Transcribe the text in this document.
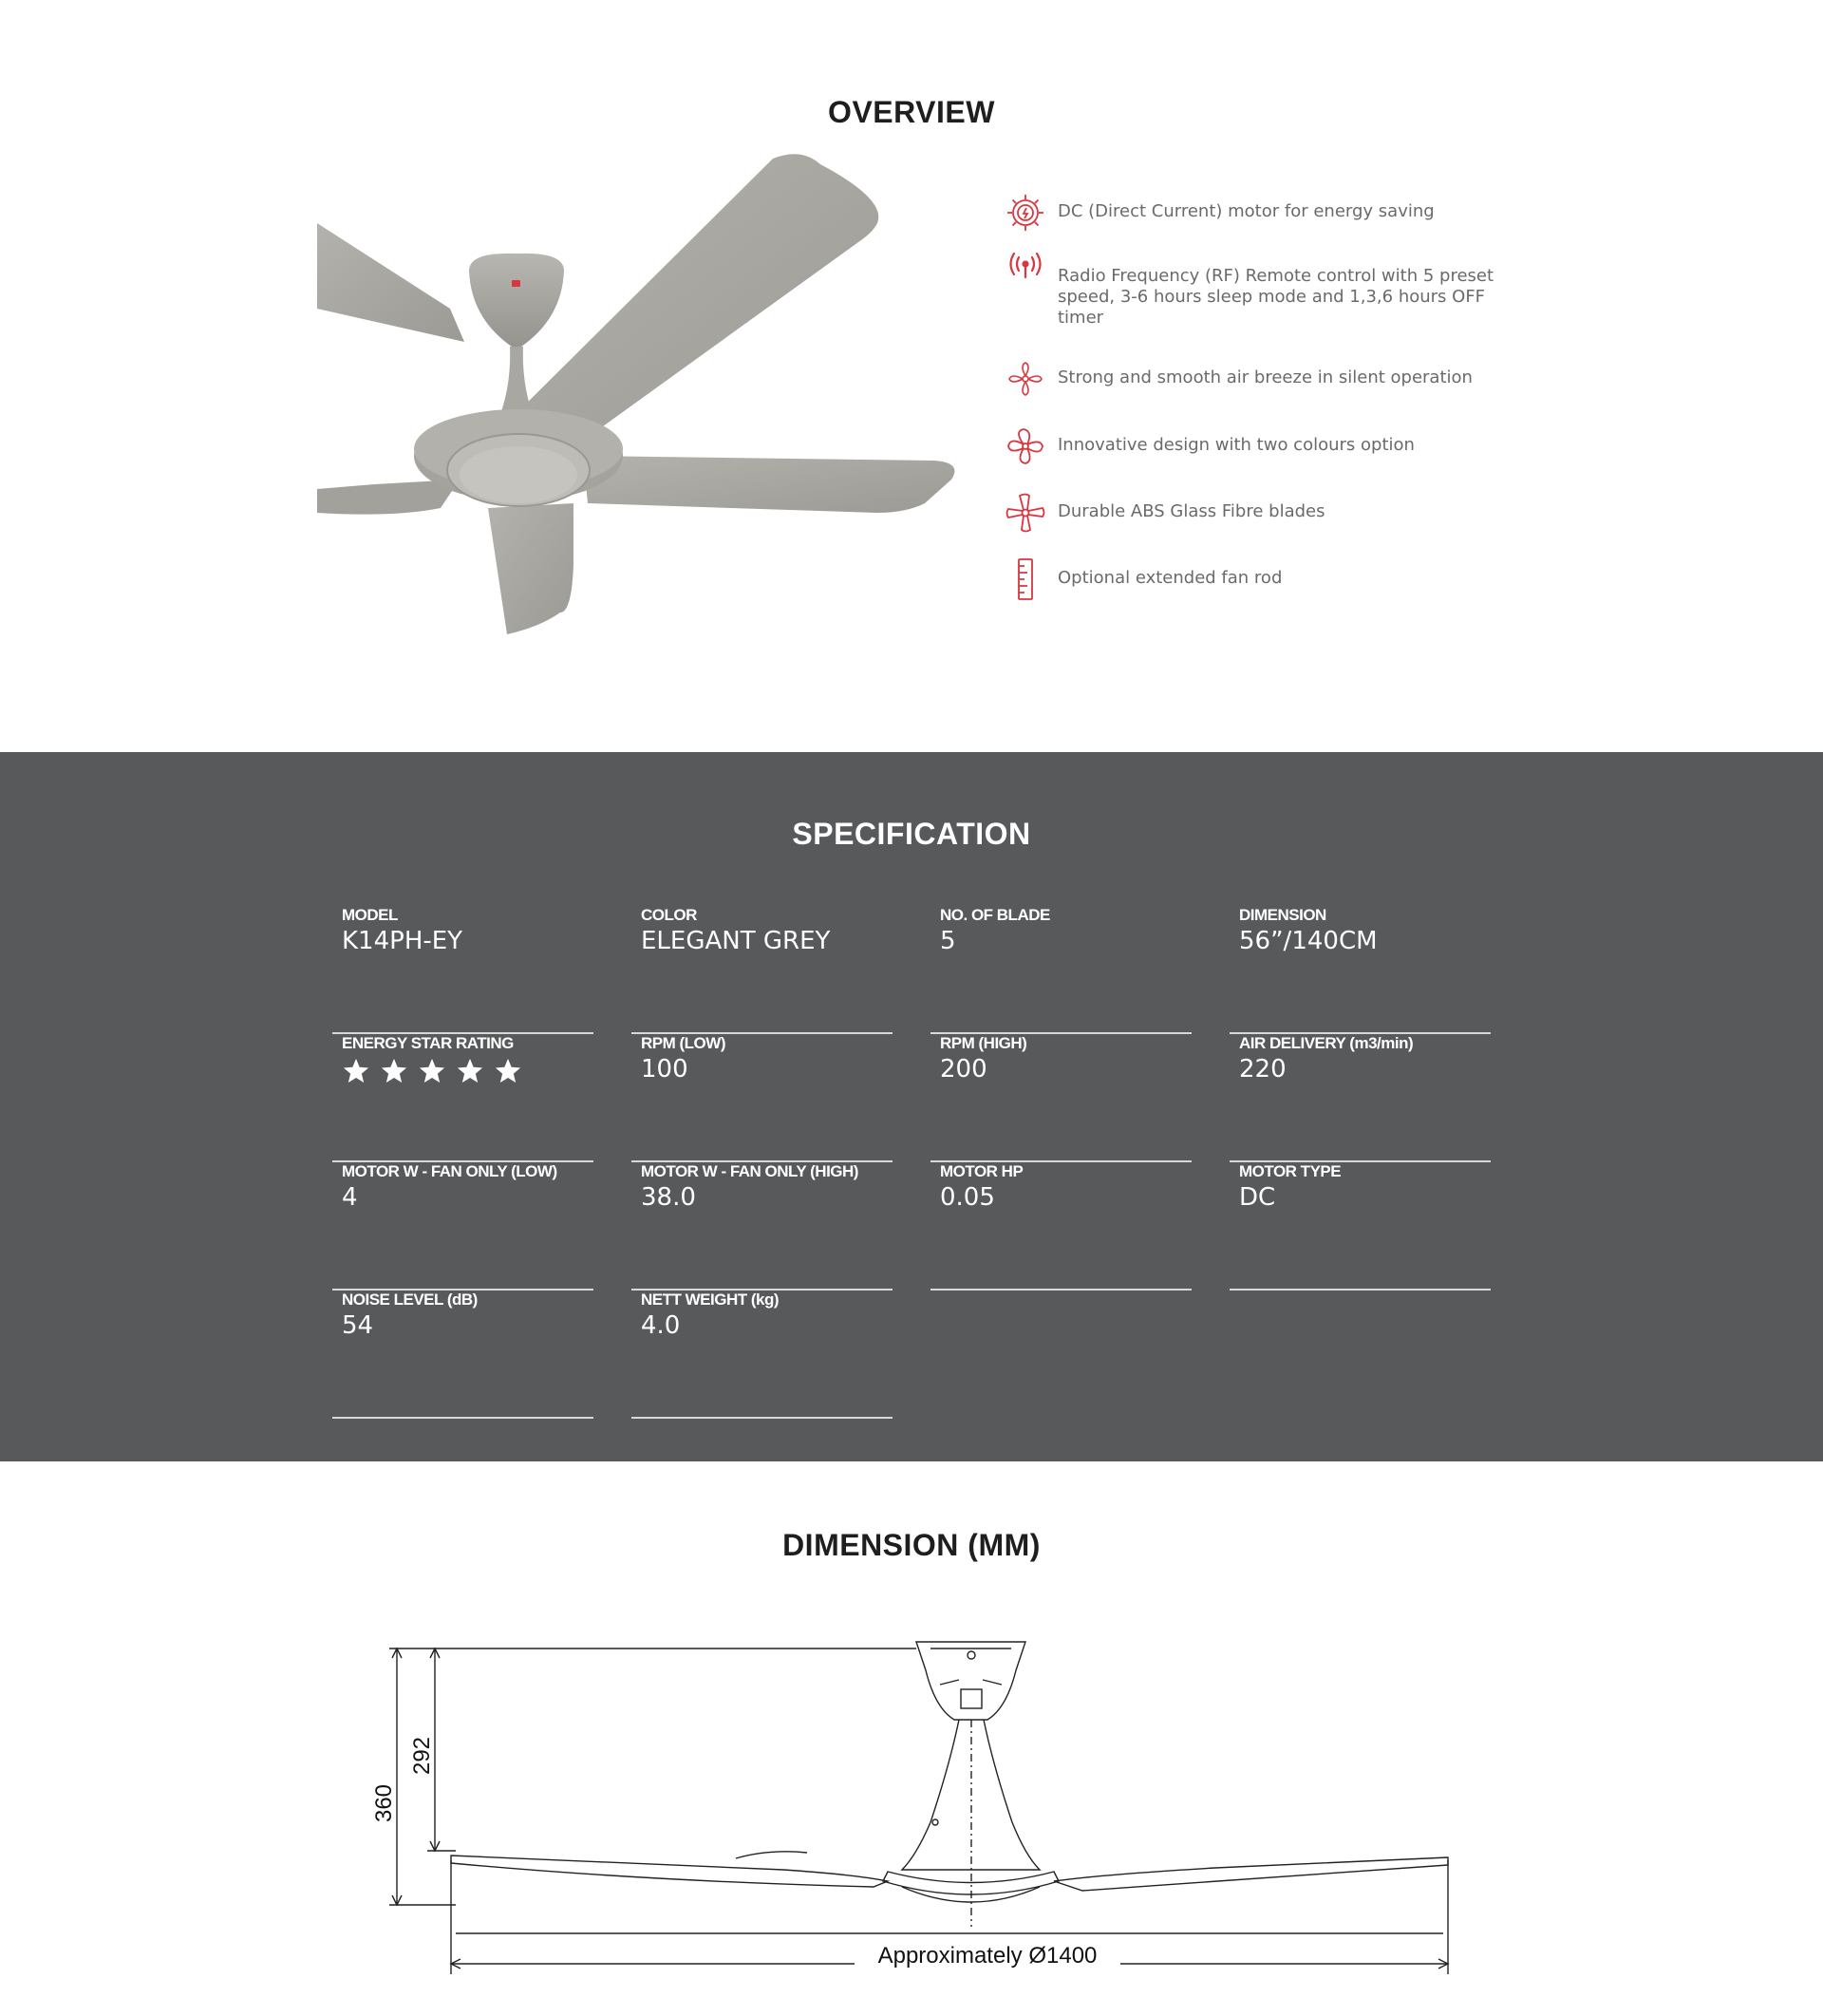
OVERVIEW
DC (Direct Current) motor for energy saving
Radio Frequency (RF) Remote control with 5 preset speed, 3-6 hours sleep mode and 1,3,6 hours OFF timer
Strong and smooth air breeze in silent operation
Innovative design with two colours option
Durable ABS Glass Fibre blades
Optional extended fan rod
SPECIFICATION
MODEL
K14PH-EY
COLOR
ELEGANT GREY
NO. OF BLADE
5
DIMENSION
56”/140CM
ENERGY STAR RATING	RPM (LOW)
100
RPM (HIGH)
200
AIR DELIVERY (m3/min)
220
MOTOR W - FAN ONLY (LOW)
4
MOTOR W - FAN ONLY (HIGH)
38.0
MOTOR HP
0.05
MOTOR TYPE
DC
NOISE LEVEL (dB)
54
NETT WEIGHT (kg)
4.0
DIMENSION (MM)
360
292
Approximately Ø1400
